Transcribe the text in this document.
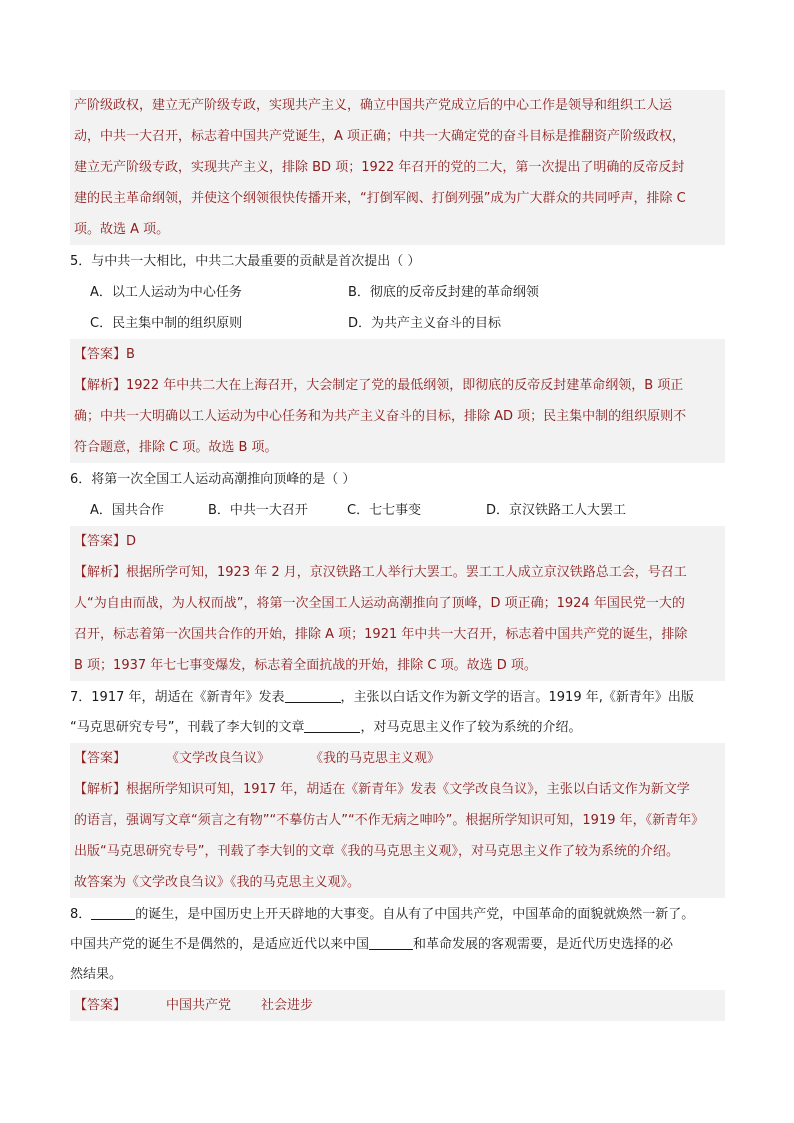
产阶级政权，建立无产阶级专政，实现共产主义，确立中国共产党成立后的中心工作是领导和组织工人运
动，中共一大召开，标志着中国共产党诞生，A 项正确；中共一大确定党的奋斗目标是推翻资产阶级政权，
建立无产阶级专政，实现共产主义，排除 BD 项；1922 年召开的党的二大，第一次提出了明确的反帝反封
建的民主革命纲领，并使这个纲领很快传播开来，“打倒军阀、打倒列强”成为广大群众的共同呼声，排除 C
项。故选 A 项。
5．与中共一大相比，中共二大最重要的贡献是首次提出（ ）
A．以工人运动为中心任务	B．彻底的反帝反封建的革命纲领
C．民主集中制的组织原则	D．为共产主义奋斗的目标
【答案】B
【解析】1922 年中共二大在上海召开，大会制定了党的最低纲领，即彻底的反帝反封建革命纲领，B 项正
确；中共一大明确以工人运动为中心任务和为共产主义奋斗的目标，排除 AD 项；民主集中制的组织原则不
符合题意，排除 C 项。故选 B 项。
6．将第一次全国工人运动高潮推向顶峰的是（ ）
A．国共合作	B．中共一大召开	C．七七事变	D．京汉铁路工人大罢工
【答案】D
【解析】根据所学可知，1923 年 2 月，京汉铁路工人举行大罢工。罢工工人成立京汉铁路总工会，号召工
人“为自由而战，为人权而战”，将第一次全国工人运动高潮推向了顶峰，D 项正确；1924 年国民党一大的
召开，标志着第一次国共合作的开始，排除 A 项；1921 年中共一大召开，标志着中国共产党的诞生，排除
B 项；1937 年七七事变爆发，标志着全面抗战的开始，排除 C 项。故选 D 项。
7．1917 年，胡适在《新青年》发表	，主张以白话文作为新文学的语言。1919 年,《新青年》出版
“马克思研究专号”，刊载了李大钊的文章	，对马克思主义作了较为系统的介绍。
【答案】	《文学改良刍议》	《我的马克思主义观》
【解析】根据所学知识可知，1917 年，胡适在《新青年》发表《文学改良刍议》，主张以白话文作为新文学
的语言，强调写文章“须言之有物”“不摹仿古人”“不作无病之呻吟”。根据所学知识可知，1919 年，《新青年》
出版“马克思研究专号”，刊载了李大钊的文章《我的马克思主义观》，对马克思主义作了较为系统的介绍。
故答案为《文学改良刍议》《我的马克思主义观》。
8．	的诞生，是中国历史上开天辟地的大事变。自从有了中国共产党，中国革命的面貌就焕然一新了。
中国共产党的诞生不是偶然的，是适应近代以来中国	和革命发展的客观需要，是近代历史选择的必
然结果。
【答案】	中国共产党 社会进步
